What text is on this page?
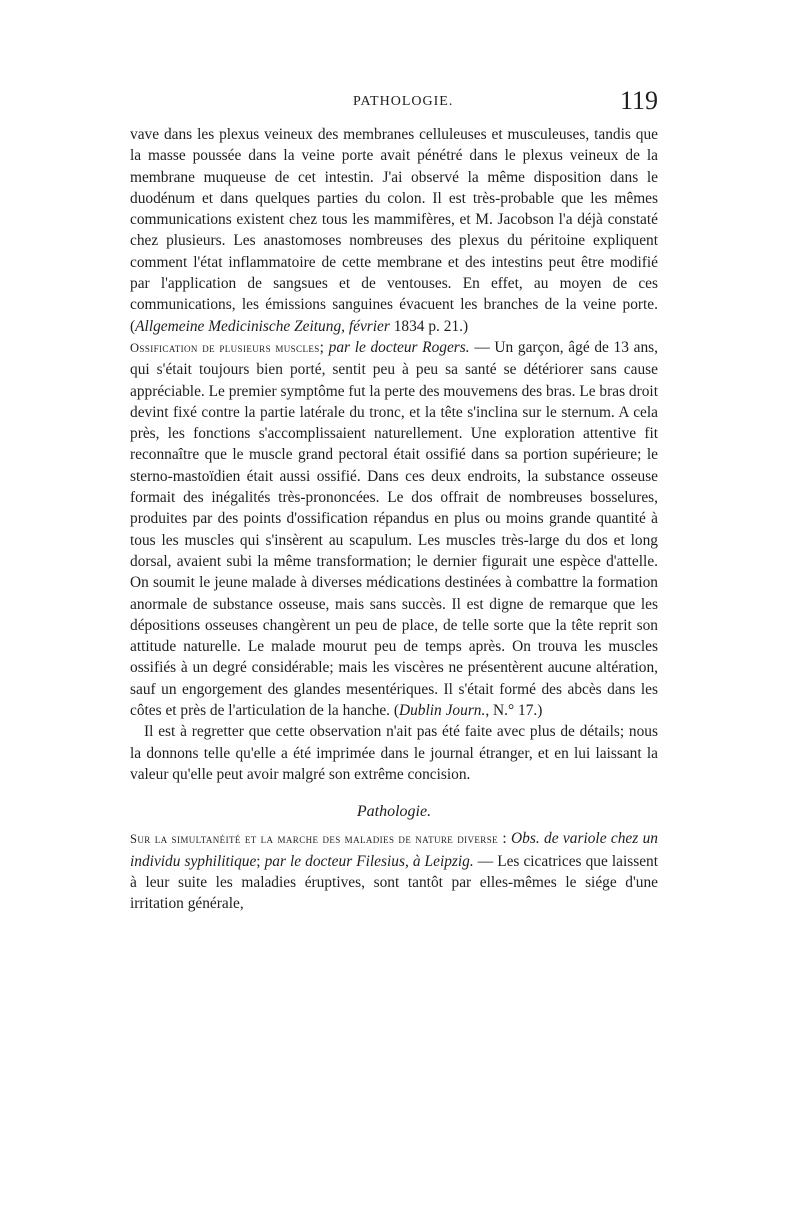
PATHOLOGIE.	119

vave dans les plexus veineux des membranes celluleuses et musculeuses, tandis que la masse poussée dans la veine porte avait pénétré dans le plexus veineux de la membrane muqueuse de cet intestin. J'ai observé la même disposition dans le duodénum et dans quelques parties du colon. Il est très-probable que les mêmes communications existent chez tous les mammifères, et M. Jacobson l'a déjà constaté chez plusieurs. Les anastomoses nombreuses des plexus du péritoine expliquent comment l'état inflammatoire de cette membrane et des intestins peut être modifié par l'application de sangsues et de ventouses. En effet, au moyen de ces communications, les émissions sanguines évacuent les branches de la veine porte. (Allgemeine Medicinische Zeitung, février 1834 p. 21.)

Ossification de plusieurs muscles; par le docteur Rogers. — Un garçon, âgé de 13 ans, qui s'était toujours bien porté, sentit peu à peu sa santé se détériorer sans cause appréciable. Le premier symptôme fut la perte des mouvemens des bras. Le bras droit devint fixé contre la partie latérale du tronc, et la tête s'inclina sur le sternum. A cela près, les fonctions s'accomplissaient naturellement. Une exploration attentive fit reconnaître que le muscle grand pectoral était ossifié dans sa portion supérieure; le sterno-mastoïdien était aussi ossifié. Dans ces deux endroits, la substance osseuse formait des inégalités très-prononcées. Le dos offrait de nombreuses bosselures, produites par des points d'ossification répandus en plus ou moins grande quantité à tous les muscles qui s'insèrent au scapulum. Les muscles très-large du dos et long dorsal, avaient subi la même transformation; le dernier figurait une espèce d'attelle. On soumit le jeune malade à diverses médications destinées à combattre la formation anormale de substance osseuse, mais sans succès. Il est digne de remarque que les dépositions osseuses changèrent un peu de place, de telle sorte que la tête reprit son attitude naturelle. Le malade mourut peu de temps après. On trouva les muscles ossifiés à un degré considérable; mais les viscères ne présentèrent aucune altération, sauf un engorgement des glandes mesentériques. Il s'était formé des abcès dans les côtes et près de l'articulation de la hanche. (Dublin Journ., N.° 17.)

Il est à regretter que cette observation n'ait pas été faite avec plus de détails; nous la donnons telle qu'elle a été imprimée dans le journal étranger, et en lui laissant la valeur qu'elle peut avoir malgré son extrême concision.

Pathologie.

Sur la simultanéité et la marche des maladies de nature diverse : Obs. de variole chez un individu syphilitique; par le docteur Filesius, à Leipzig. — Les cicatrices que laissent à leur suite les maladies éruptives, sont tantôt par elles-mêmes le siége d'une irritation générale,
